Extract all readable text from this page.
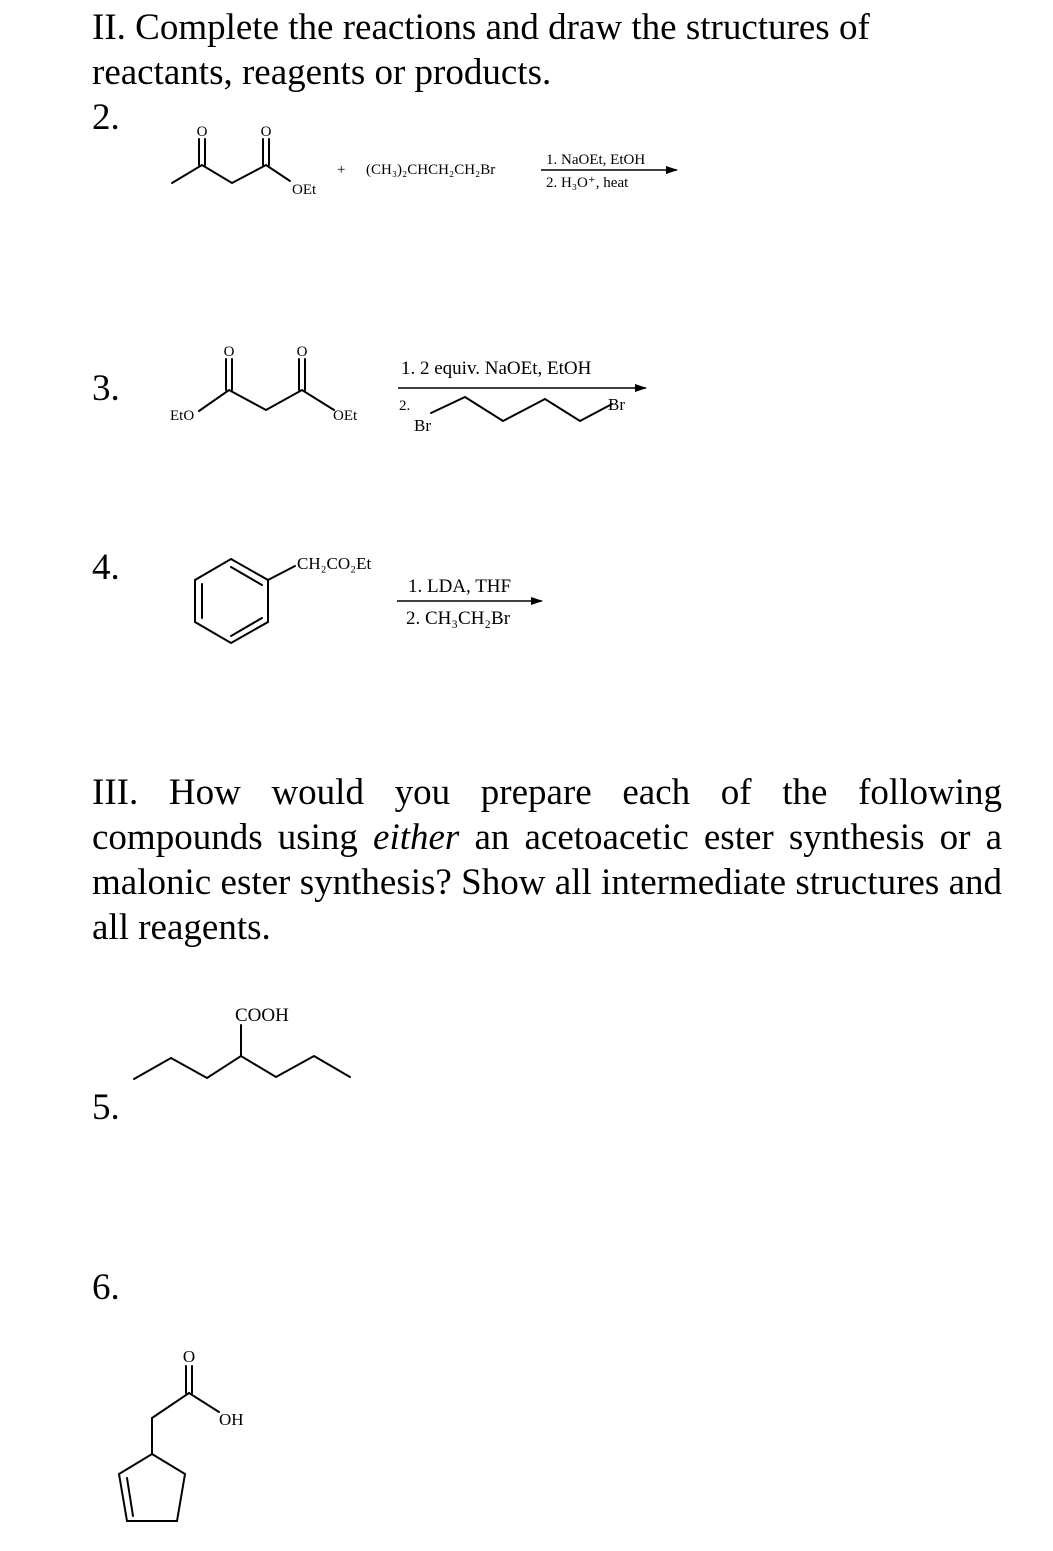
II. Complete the reactions and draw the structures of reactants, reagents or products.
2.
3.
4.
5.
6.

III. How would you prepare each of the following compounds using either an acetoacetic ester synthesis or a malonic ester synthesis? Show all intermediate structures and all reagents.

O	O
OEt
+ (CH₃)₂CHCH₂CH₂Br
1. NaOEt, EtOH
2. H₃O⁺, heat
O	O
EtO	OEt
1. 2 equiv. NaOEt, EtOH
2.
Br
Br
CH₂CO₂Et
1. LDA, THF
2. CH₃CH₂Br
COOH
O
OH
